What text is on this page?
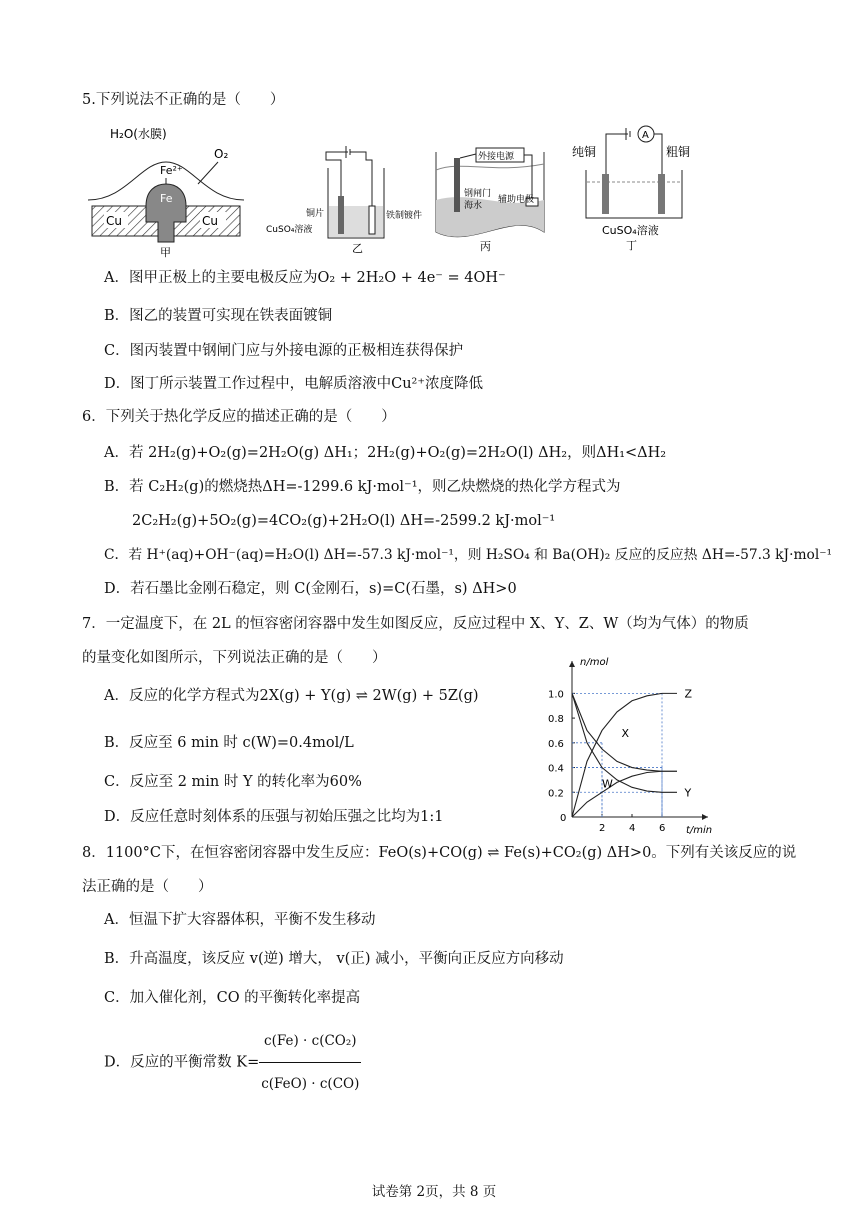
5.下列说法不正确的是（　　）
Cu	Cu
Fe
Fe²⁺
H₂O(水膜)
O₂
甲
铜片
CuSO₄溶液
铁制镀件
乙
外接电源
钢闸门
海水
辅助电极
丙
A
纯铜	粗铜
CuSO₄溶液
丁
A．图甲正极上的主要电极反应为O₂ + 2H₂O + 4e⁻ = 4OH⁻
B．图乙的装置可实现在铁表面镀铜
C．图丙装置中钢闸门应与外接电源的正极相连获得保护
D．图丁所示装置工作过程中，电解质溶液中Cu²⁺浓度降低
6．下列关于热化学反应的描述正确的是（　　）
A．若 2H₂(g)+O₂(g)=2H₂O(g) ΔH₁；2H₂(g)+O₂(g)=2H₂O(l) ΔH₂，则ΔH₁<ΔH₂
B．若 C₂H₂(g)的燃烧热ΔH=-1299.6 kJ·mol⁻¹，则乙炔燃烧的热化学方程式为
2C₂H₂(g)+5O₂(g)=4CO₂(g)+2H₂O(l) ΔH=-2599.2 kJ·mol⁻¹
C．若 H⁺(aq)+OH⁻(aq)=H₂O(l) ΔH=-57.3 kJ·mol⁻¹，则 H₂SO₄ 和 Ba(OH)₂ 反应的反应热 ΔH=-57.3 kJ·mol⁻¹
D．若石墨比金刚石稳定，则 C(金刚石，s)=C(石墨，s) ΔH>0
7．一定温度下，在 2L 的恒容密闭容器中发生如图反应，反应过程中 X、Y、Z、W（均为气体）的物质
的量变化如图所示，下列说法正确的是（　　）
A．反应的化学方程式为2X(g) + Y(g) ⇌ 2W(g) + 5Z(g)
B．反应至 6 min 时 c(W)=0.4mol/L
C．反应至 2 min 时 Y 的转化率为60%
D．反应任意时刻体系的压强与初始压强之比均为1:1
n/mol
t/min
0
0.2
0.4
0.6
0.8
1.0
2 4 6
Z
X
Y
W
8．1100°C下，在恒容密闭容器中发生反应：FeO(s)+CO(g) ⇌ Fe(s)+CO₂(g) ΔH>0。下列有关该反应的说
法正确的是（　　）
A．恒温下扩大容器体积，平衡不发生移动
B．升高温度，该反应 v(逆) 增大， v(正) 减小，平衡向正反应方向移动
C．加入催化剂，CO 的平衡转化率提高
D．反应的平衡常数 $K= \frac{\text{c(Fe) · c(CO₂)}}{\text{c(FeO) · c(CO)}}$
试卷第 2页，共 8 页
